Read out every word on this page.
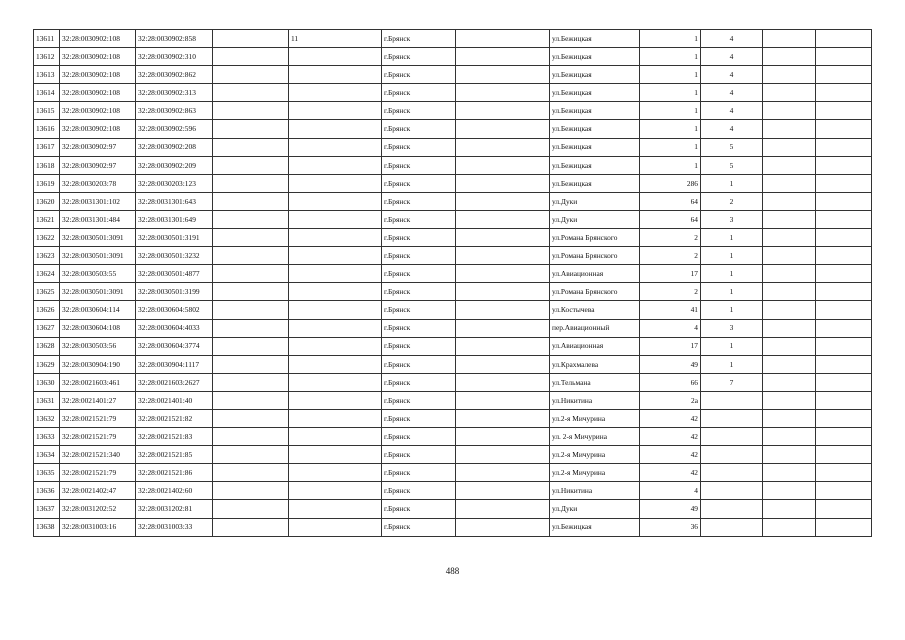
13611	32:28:0030902:108	32:28:0030902:858		11	г.Брянск		ул.Бежицкая	1	4		
13612	32:28:0030902:108	32:28:0030902:310			г.Брянск		ул.Бежицкая	1	4		
13613	32:28:0030902:108	32:28:0030902:862			г.Брянск		ул.Бежицкая	1	4		
13614	32:28:0030902:108	32:28:0030902:313			г.Брянск		ул.Бежицкая	1	4		
13615	32:28:0030902:108	32:28:0030902:863			г.Брянск		ул.Бежицкая	1	4		
13616	32:28:0030902:108	32:28:0030902:596			г.Брянск		ул.Бежицкая	1	4		
13617	32:28:0030902:97	32:28:0030902:208			г.Брянск		ул.Бежицкая	1	5		
13618	32:28:0030902:97	32:28:0030902:209			г.Брянск		ул.Бежицкая	1	5		
13619	32:28:0030203:78	32:28:0030203:123			г.Брянск		ул.Бежицкая	286	1		
13620	32:28:0031301:102	32:28:0031301:643			г.Брянск		ул.Дуки	64	2		
13621	32:28:0031301:484	32:28:0031301:649			г.Брянск		ул.Дуки	64	3		
13622	32:28:0030501:3091	32:28:0030501:3191			г.Брянск		ул.Романа Брянского	2	1		
13623	32:28:0030501:3091	32:28:0030501:3232			г.Брянск		ул.Романа Брянского	2	1		
13624	32:28:0030503:55	32:28:0030501:4877			г.Брянск		ул.Авиационная	17	1		
13625	32:28:0030501:3091	32:28:0030501:3199			г.Брянск		ул.Романа Брянского	2	1		
13626	32:28:0030604:114	32:28:0030604:5802			г.Брянск		ул.Костычева	41	1		
13627	32:28:0030604:108	32:28:0030604:4033			г.Брянск		пер.Авиационный	4	3		
13628	32:28:0030503:56	32:28:0030604:3774			г.Брянск		ул.Авиационная	17	1		
13629	32:28:0030904:190	32:28:0030904:1117			г.Брянск		ул.Крахмалева	49	1		
13630	32:28:0021603:461	32:28:0021603:2627			г.Брянск		ул.Тельмана	66	7		
13631	32:28:0021401:27	32:28:0021401:40			г.Брянск		ул.Никитина	2а			
13632	32:28:0021521:79	32:28:0021521:82			г.Брянск		ул.2-я Мичурина	42			
13633	32:28:0021521:79	32:28:0021521:83			г.Брянск		ул. 2-я Мичурина	42			
13634	32:28:0021521:340	32:28:0021521:85			г.Брянск		ул.2-я Мичурина	42			
13635	32:28:0021521:79	32:28:0021521:86			г.Брянск		ул.2-я Мичурина	42			
13636	32:28:0021402:47	32:28:0021402:60			г.Брянск		ул.Никитина	4			
13637	32:28:0031202:52	32:28:0031202:81			г.Брянск		ул.Дуки	49			
13638	32:28:0031003:16	32:28:0031003:33			г.Брянск		ул.Бежицкая	36			
488
